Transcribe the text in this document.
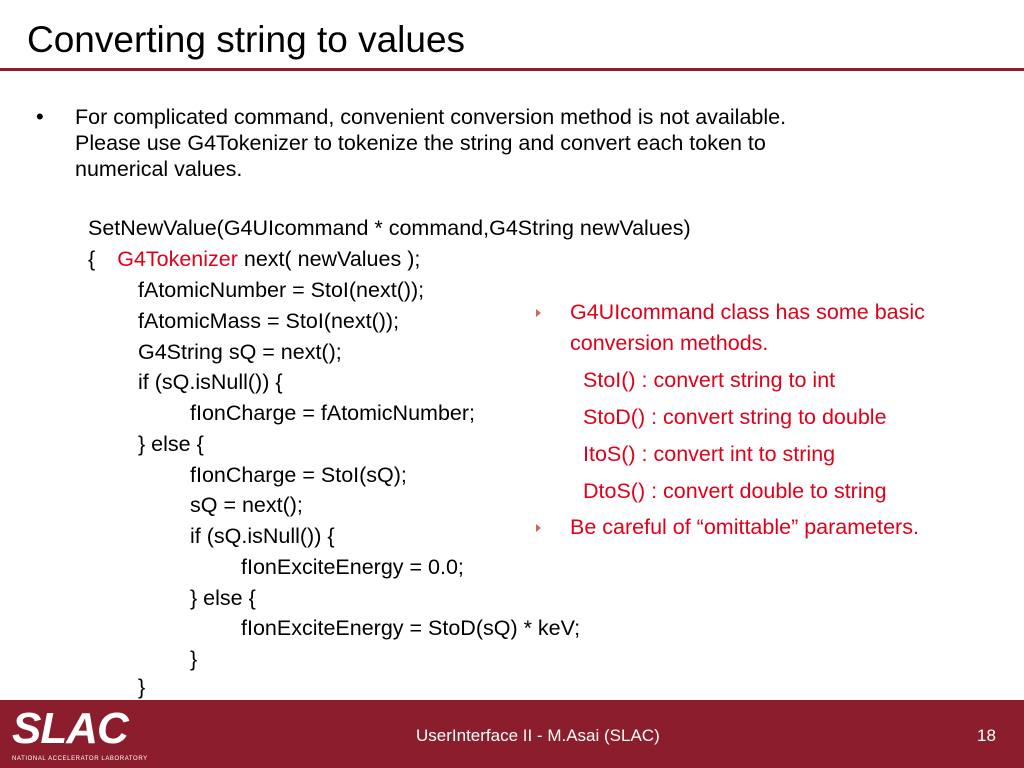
Converting string to values
• For complicated command, convenient conversion method is not available.
Please use G4Tokenizer to tokenize the string and convert each token to
numerical values.
SetNewValue(G4UIcommand * command,G4String newValues)
{ G4Tokenizer next( newValues );
fAtomicNumber = StoI(next());
fAtomicMass = StoI(next());
G4String sQ = next();
if (sQ.isNull()) {
fIonCharge = fAtomicNumber;
} else {
fIonCharge = StoI(sQ);
sQ = next();
if (sQ.isNull()) {
fIonExciteEnergy = 0.0;
} else {
fIonExciteEnergy = StoD(sQ) * keV;
}
}
G4UIcommand class has some basic
conversion methods.
StoI() : convert string to int
StoD() : convert string to double
ItoS() : convert int to string
DtoS() : convert double to string
Be careful of “omittable” parameters.
SLAC
NATIONAL ACCELERATOR LABORATORY
UserInterface II - M.Asai (SLAC)	18
